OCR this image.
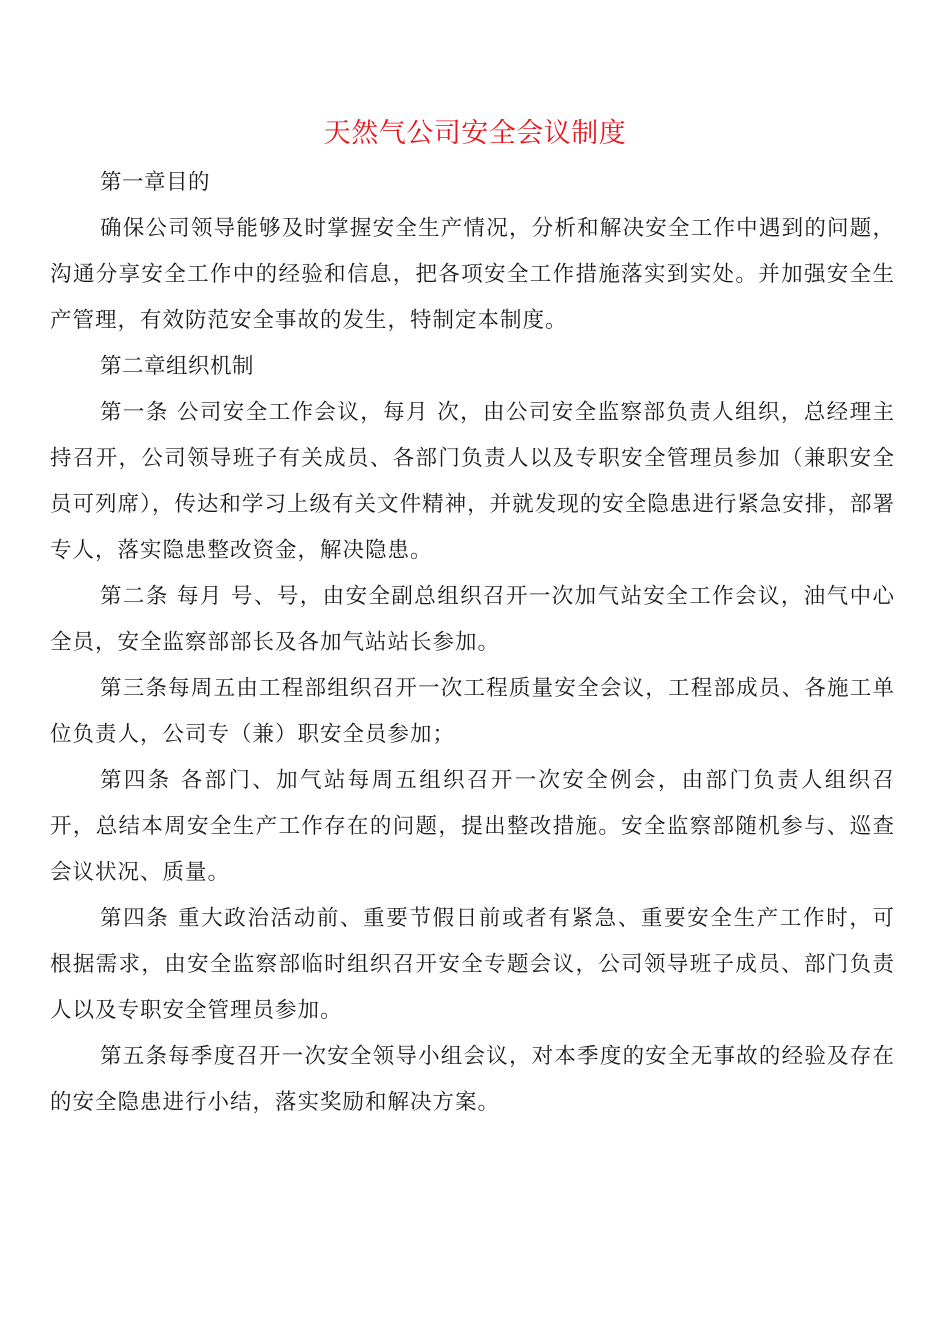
天然气公司安全会议制度

第一章目的

确保公司领导能够及时掌握安全生产情况，分析和解决安全工作中遇到的问题，沟通分享安全工作中的经验和信息，把各项安全工作措施落实到实处。并加强安全生产管理，有效防范安全事故的发生，特制定本制度。

第二章组织机制

第一条 公司安全工作会议，每月 次，由公司安全监察部负责人组织，总经理主持召开，公司领导班子有关成员、各部门负责人以及专职安全管理员参加（兼职安全员可列席），传达和学习上级有关文件精神，并就发现的安全隐患进行紧急安排，部署专人，落实隐患整改资金，解决隐患。

第二条 每月 号、号，由安全副总组织召开一次加气站安全工作会议，油气中心全员，安全监察部部长及各加气站站长参加。

第三条每周五由工程部组织召开一次工程质量安全会议，工程部成员、各施工单位负责人，公司专（兼）职安全员参加；

第四条 各部门、加气站每周五组织召开一次安全例会，由部门负责人组织召开，总结本周安全生产工作存在的问题，提出整改措施。安全监察部随机参与、巡查会议状况、质量。

第四条 重大政治活动前、重要节假日前或者有紧急、重要安全生产工作时，可根据需求，由安全监察部临时组织召开安全专题会议，公司领导班子成员、部门负责人以及专职安全管理员参加。

第五条每季度召开一次安全领导小组会议，对本季度的安全无事故的经验及存在的安全隐患进行小结，落实奖励和解决方案。
